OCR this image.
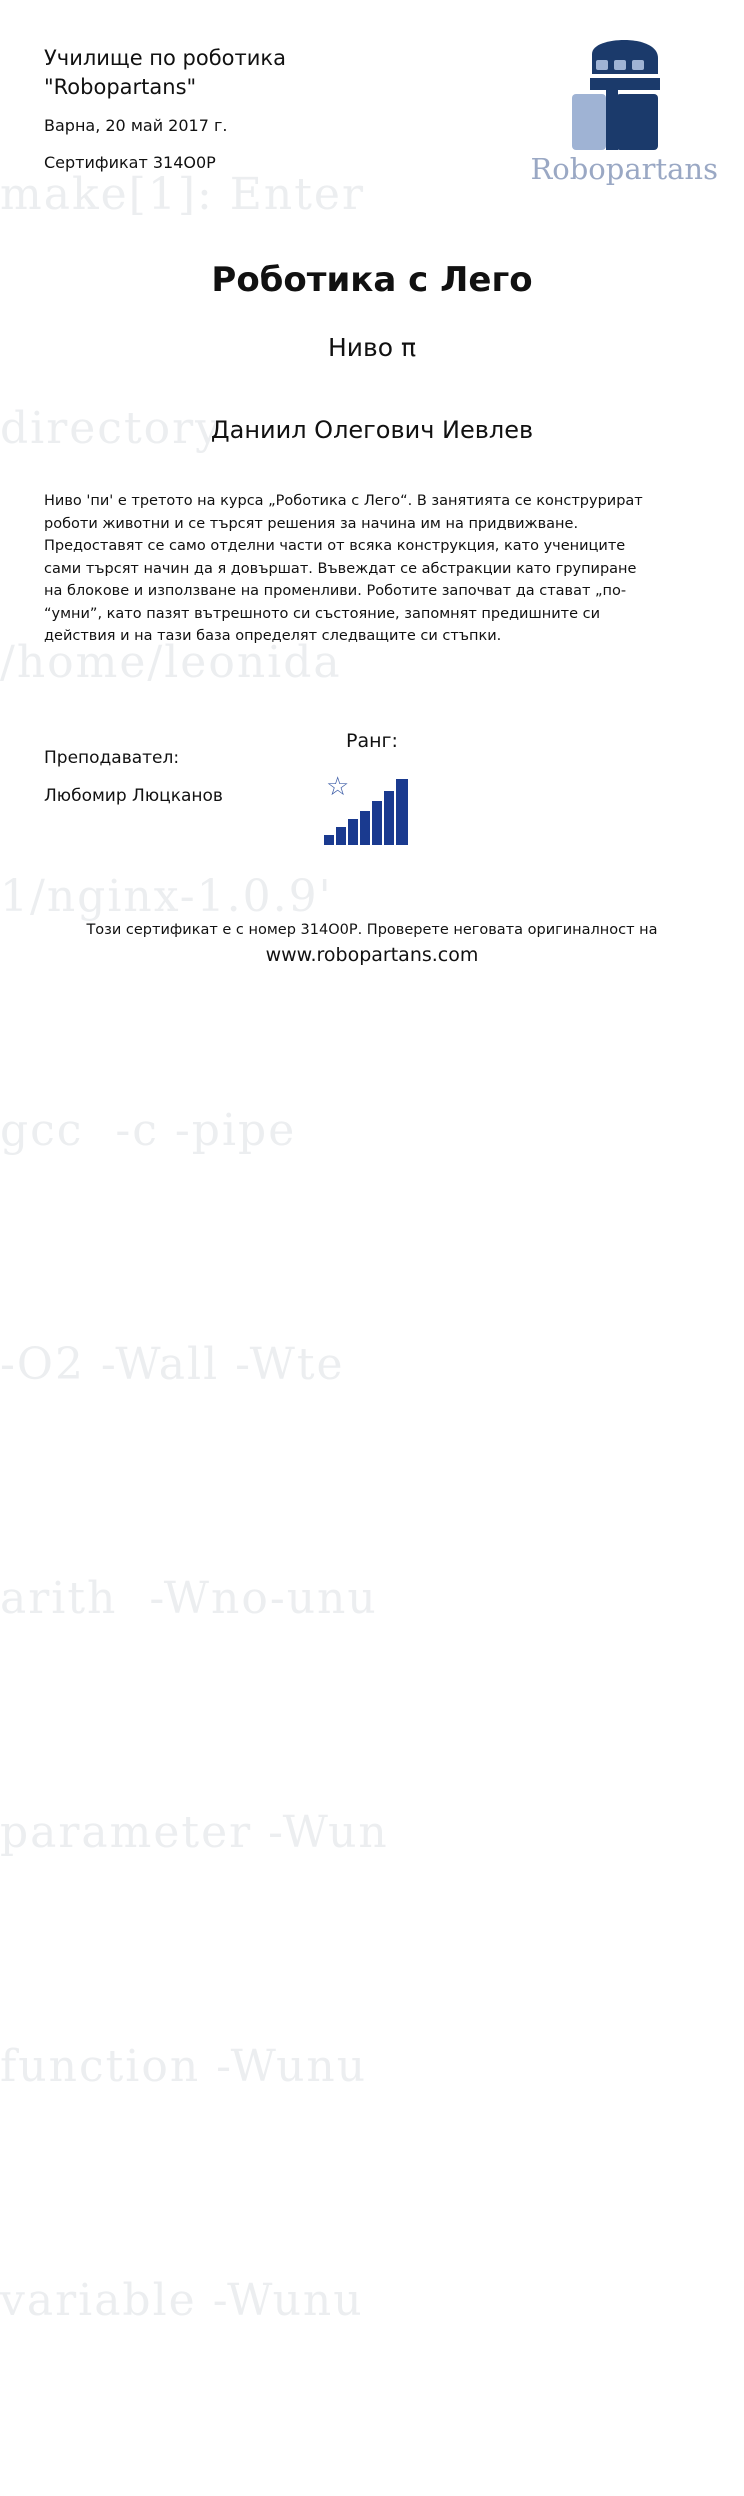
make[1]: Enter

directory

/home/leonida

1/nginx-1.0.9'

gcc  -c -pipe

-O2 -Wall -Wte

arith  -Wno-unu

parameter -Wun

function -Wunu

variable -Wunu

Училище по роботика
"Robopartans"
Варна, 20 май 2017 г.
Сертификат 314О0Р	Robopartans
Роботика с Лего
Ниво π
Даниил Олегович Иевлев
Ниво 'пи' е третото на курса „Роботика с Лего“. В занятията се конструрират роботи животни и се търсят решения за начина им на придвижване. Предоставят се само отделни части от всяка конструкция, като учениците сами търсят начин да я довършат. Въвеждат се абстракции като групиране на блокове и използване на променливи. Роботите започват да стават „по- “умни”, като пазят вътрешното си състояние, запомнят предишните си действия и на тази база определят следващите си стъпки.
Преподавател:
Любомир Люцканов
Ранг:
☆
Този сертификат е с номер 314О0Р. Проверете неговата оригиналност на
www.robopartans.com
